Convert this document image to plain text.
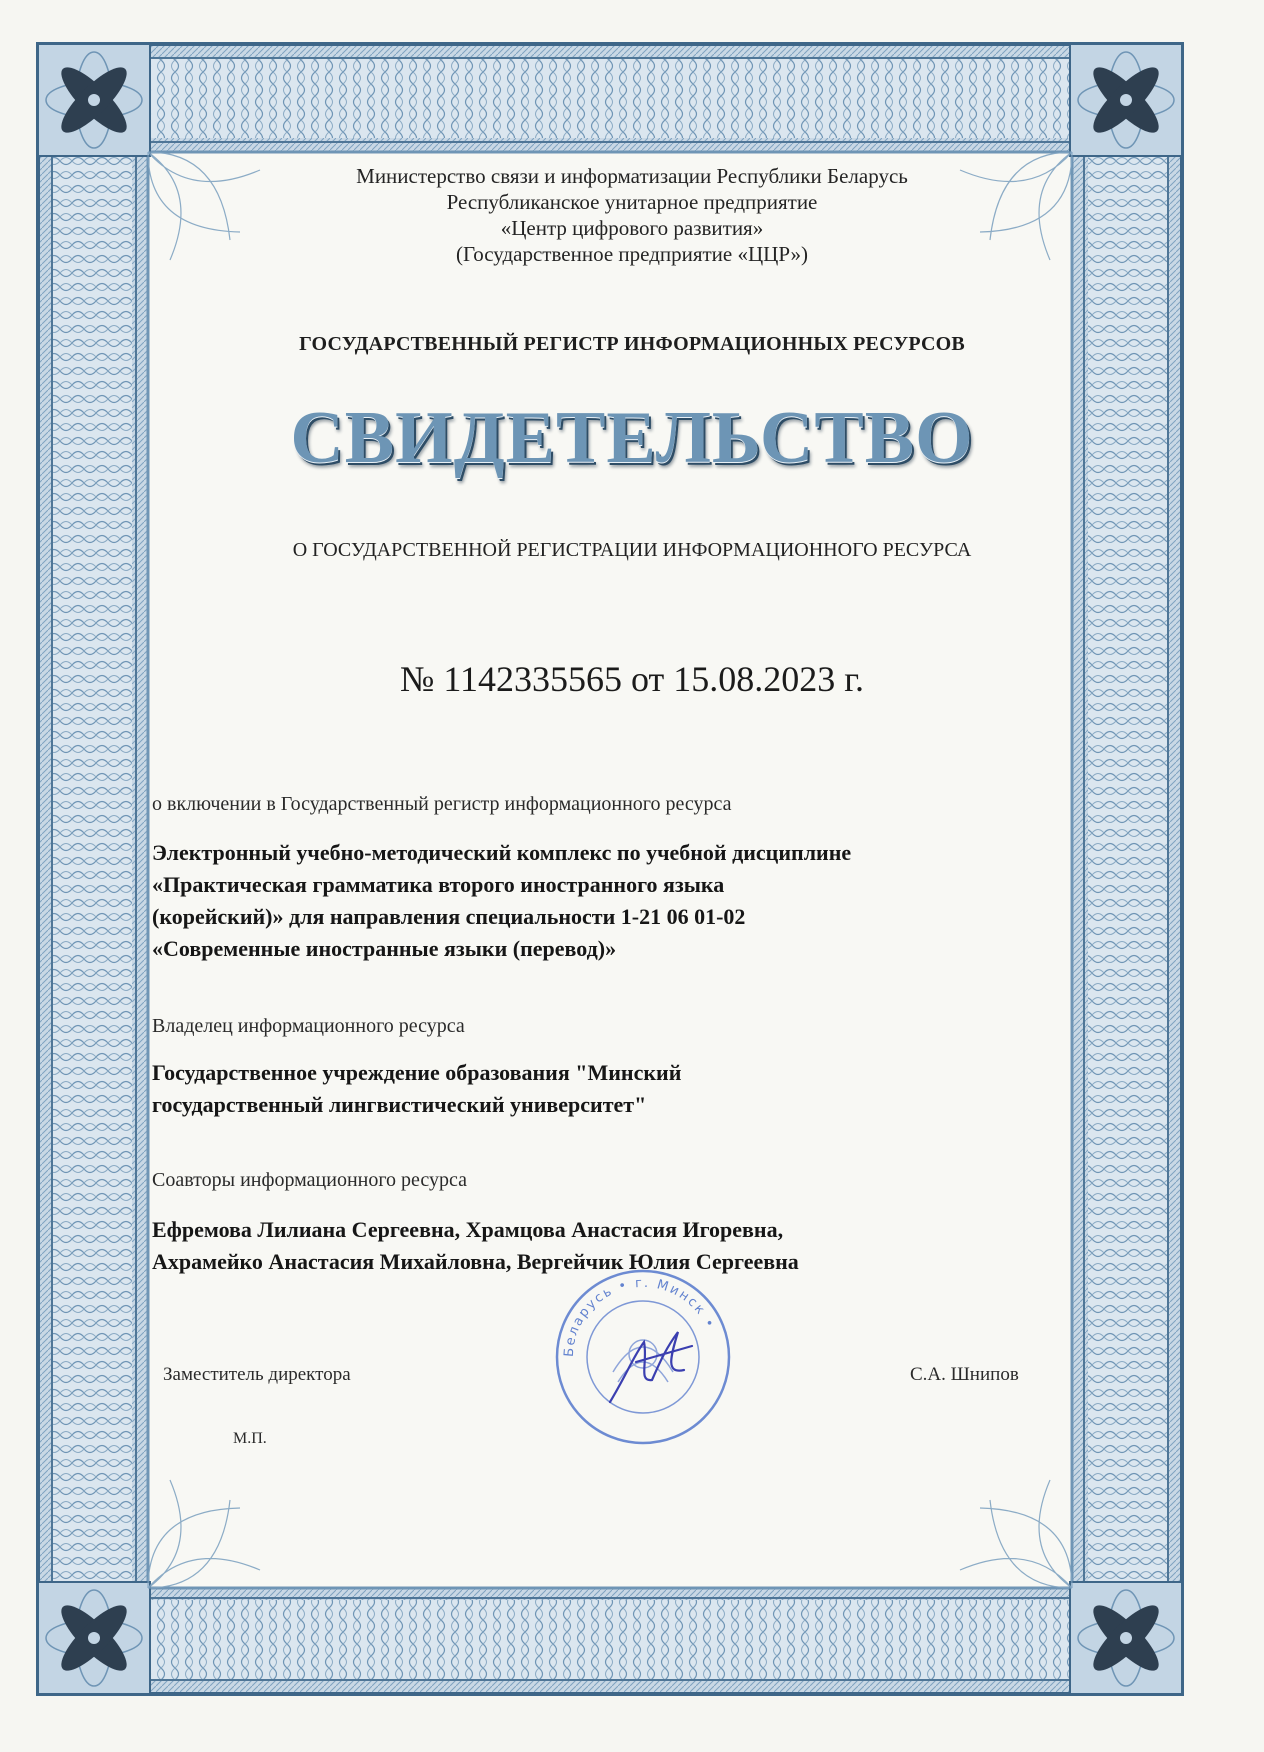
Министерство связи и информатизации Республики Беларусь
Республиканское унитарное предприятие
«Центр цифрового развития»
(Государственное предприятие «ЦЦР»)
ГОСУДАРСТВЕННЫЙ РЕГИСТР ИНФОРМАЦИОННЫХ РЕСУРСОВ
СВИДЕТЕЛЬСТВО
О ГОСУДАРСТВЕННОЙ РЕГИСТРАЦИИ ИНФОРМАЦИОННОГО РЕСУРСА
№ 1142335565 от 15.08.2023 г.
о включении в Государственный регистр информационного ресурса
Электронный учебно-методический комплекс по учебной дисциплине
«Практическая грамматика второго иностранного языка
(корейский)» для направления специальности 1-21 06 01-02
«Современные иностранные языки (перевод)»
Владелец информационного ресурса
Государственное учреждение образования "Минский
государственный лингвистический университет"
Соавторы информационного ресурса
Ефремова Лилиана Сергеевна, Храмцова Анастасия Игоревна,
Ахрамейко Анастасия Михайловна, Вергейчик Юлия Сергеевна
Беларусь • г. Минск •
Заместитель директора	С.А. Шнипов
М.П.
